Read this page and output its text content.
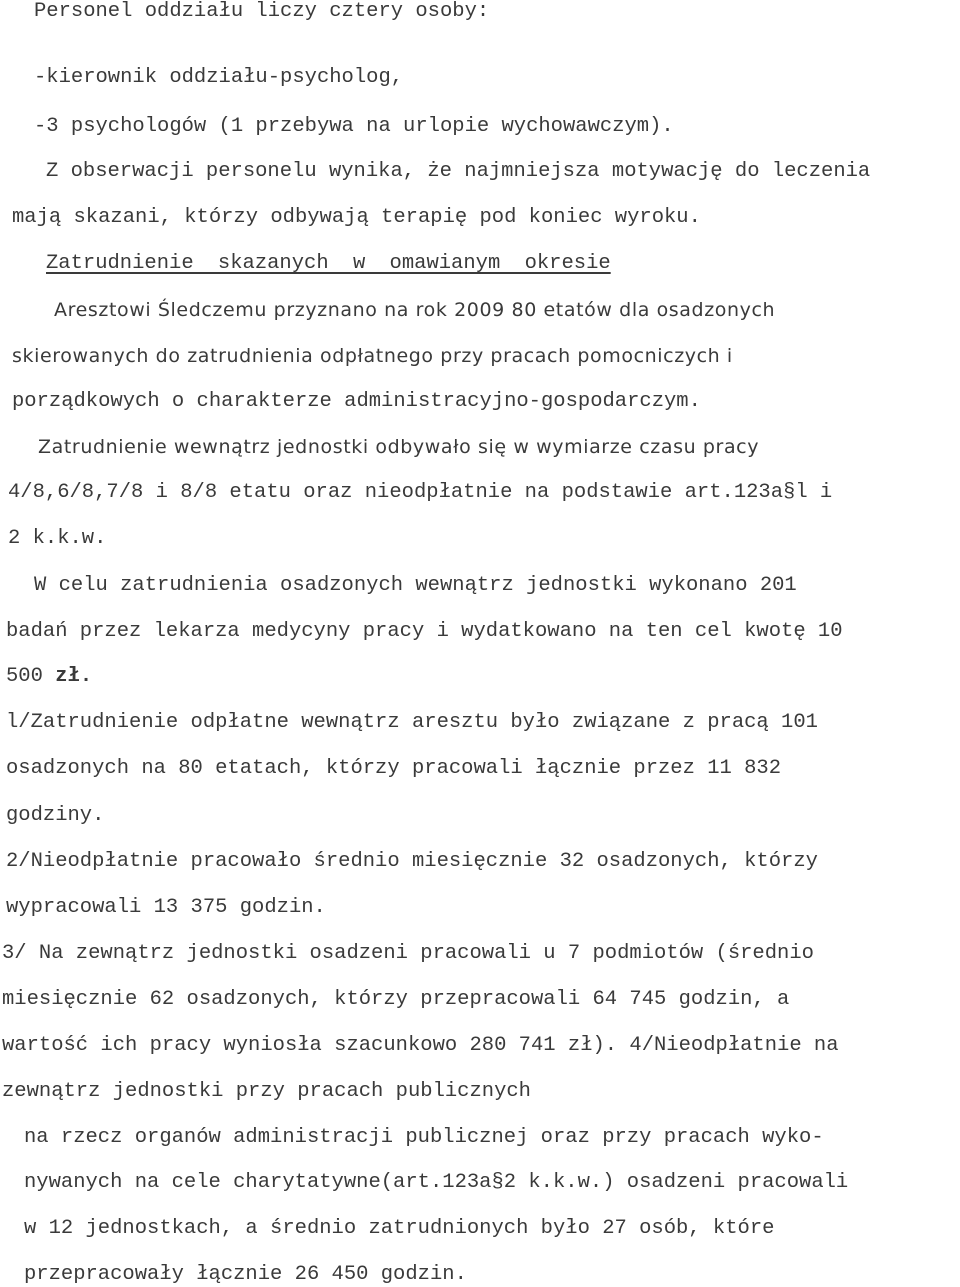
Personel oddziału liczy cztery osoby:

-kierownik oddziału-psycholog,

-3 psychologów (1 przebywa na urlopie wychowawczym).

Z obserwacji personelu wynika, że najmniejsza motywację do leczenia

mają skazani, którzy odbywają terapię pod koniec wyroku.

Zatrudnienie skazanych w omawianym okresie

Aresztowi Śledczemu przyznano na rok 2009 80 etatów dla osadzonych

skierowanych do zatrudnienia odpłatnego przy pracach pomocniczych i

porządkowych o charakterze administracyjno-gospodarczym.

Zatrudnienie wewnątrz jednostki odbywało się w wymiarze czasu pracy

4/8,6/8,7/8 i 8/8 etatu oraz nieodpłatnie na podstawie art.123a§l i

2 k.k.w.

W celu zatrudnienia osadzonych wewnątrz jednostki wykonano 201

badań przez lekarza medycyny pracy i wydatkowano na ten cel kwotę 10

500 zł.

l/Zatrudnienie odpłatne wewnątrz aresztu było związane z pracą 101

osadzonych na 80 etatach, którzy pracowali łącznie przez 11 832

godziny.

2/Nieodpłatnie pracowało średnio miesięcznie 32 osadzonych, którzy

wypracowali 13 375 godzin.

3/ Na zewnątrz jednostki osadzeni pracowali u 7 podmiotów (średnio

miesięcznie 62 osadzonych, którzy przepracowali 64 745 godzin, a

wartość ich pracy wyniosła szacunkowo 280 741 zł). 4/Nieodpłatnie na

zewnątrz jednostki przy pracach publicznych

na rzecz organów administracji publicznej oraz przy pracach wyko-

nywanych na cele charytatywne(art.123a§2 k.k.w.) osadzeni pracowali

w 12 jednostkach, a średnio zatrudnionych było 27 osób, które

przepracowały łącznie 26 450 godzin.
